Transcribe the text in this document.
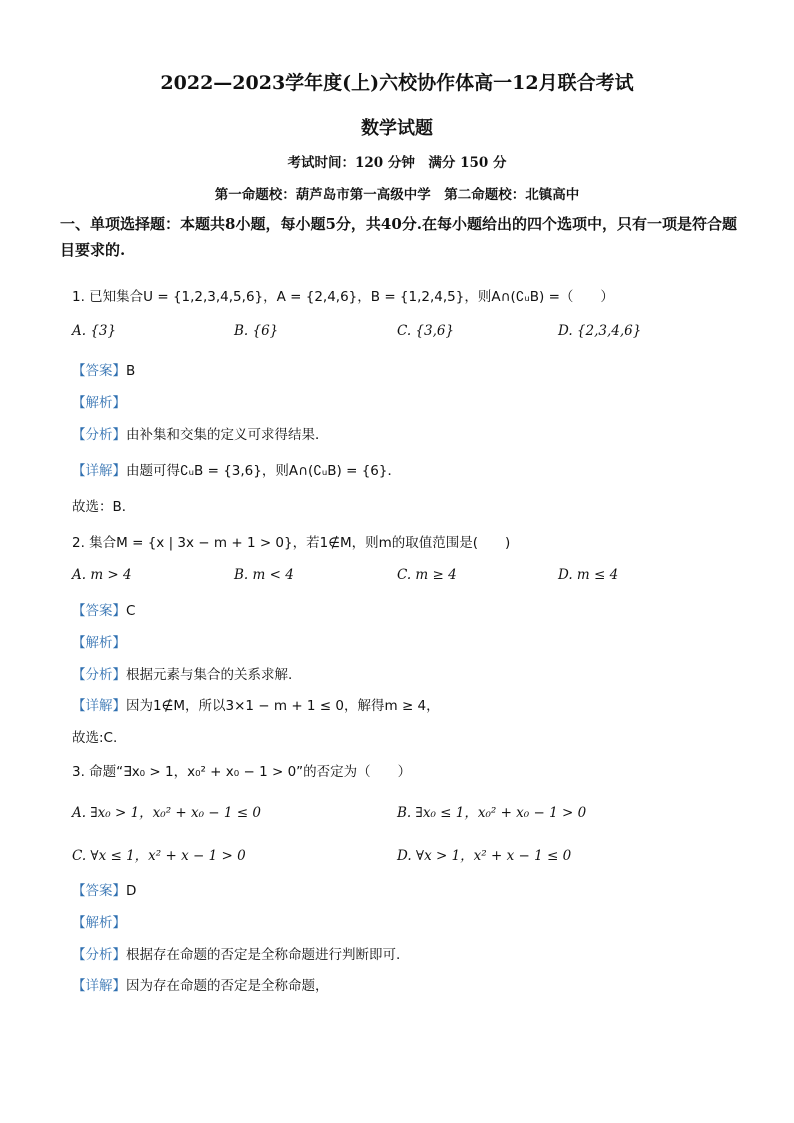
2022—2023学年度(上)六校协作体高一12月联合考试
数学试题
考试时间：120 分钟　满分 150 分
第一命题校：葫芦岛市第一高级中学　第二命题校：北镇高中
一、单项选择题：本题共8小题，每小题5分，共40分.在每小题给出的四个选项中，只有一项是符合题目要求的.
1. 已知集合U = {1,2,3,4,5,6}，A = {2,4,6}，B = {1,2,4,5}，则A∩(∁ᵤB) =（　　）
A. {3}	B. {6}	C. {3,6}	D. {2,3,4,6}
【答案】B
【解析】
【分析】由补集和交集的定义可求得结果．
【详解】由题可得∁ᵤB = {3,6}，则A∩(∁ᵤB) = {6}．
故选：B．
2. 集合M = {x | 3x − m + 1 > 0}，若1∉M，则m的取值范围是(　　)
A. m > 4	B. m < 4	C. m ≥ 4	D. m ≤ 4
【答案】C
【解析】
【分析】根据元素与集合的关系求解.
【详解】因为1∉M，所以3×1 − m + 1 ≤ 0，解得m ≥ 4，
故选:C.
3. 命题“∃x₀ > 1，x₀² + x₀ − 1 > 0”的否定为（　　）
A. ∃x₀ > 1，x₀² + x₀ − 1 ≤ 0	B. ∃x₀ ≤ 1，x₀² + x₀ − 1 > 0
C. ∀x ≤ 1，x² + x − 1 > 0	D. ∀x > 1，x² + x − 1 ≤ 0
【答案】D
【解析】
【分析】根据存在命题的否定是全称命题进行判断即可.
【详解】因为存在命题的否定是全称命题，
